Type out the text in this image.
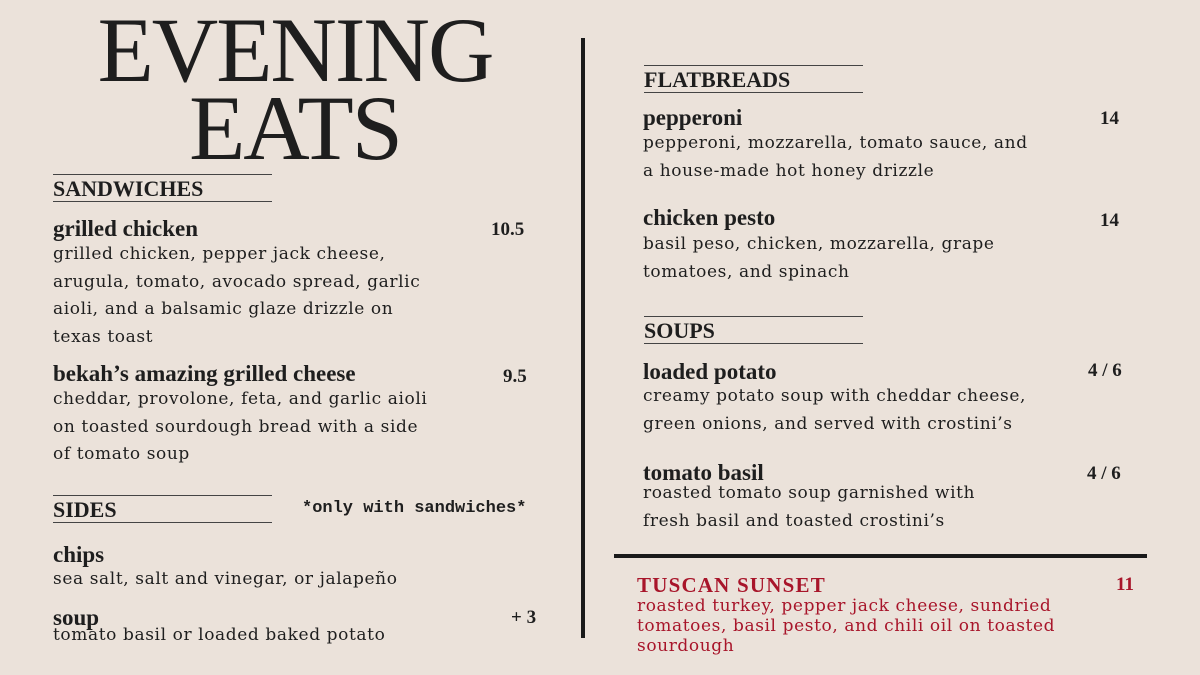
EVENING
EATS
SANDWICHES
grilled chicken	10.5
grilled chicken, pepper jack cheese,
arugula, tomato, avocado spread, garlic
aioli, and a balsamic glaze drizzle on
texas toast
bekah’s amazing grilled cheese	9.5
cheddar, provolone, feta, and garlic aioli
on toasted sourdough bread with a side
of tomato soup
SIDES	*only with sandwiches*
chips
sea salt, salt and vinegar, or jalapeño
soup	+ 3
tomato basil or loaded baked potato
FLATBREADS
pepperoni	14
pepperoni, mozzarella, tomato sauce, and
a house-made hot honey drizzle
chicken pesto	14
basil peso, chicken, mozzarella, grape
tomatoes, and spinach
SOUPS
loaded potato	4 / 6
creamy potato soup with cheddar cheese,
green onions, and served with crostini’s
tomato basil	4 / 6
roasted tomato soup garnished with
fresh basil and toasted crostini’s
TUSCAN SUNSET	11
roasted turkey, pepper jack cheese, sundried
tomatoes, basil pesto, and chili oil on toasted
sourdough
